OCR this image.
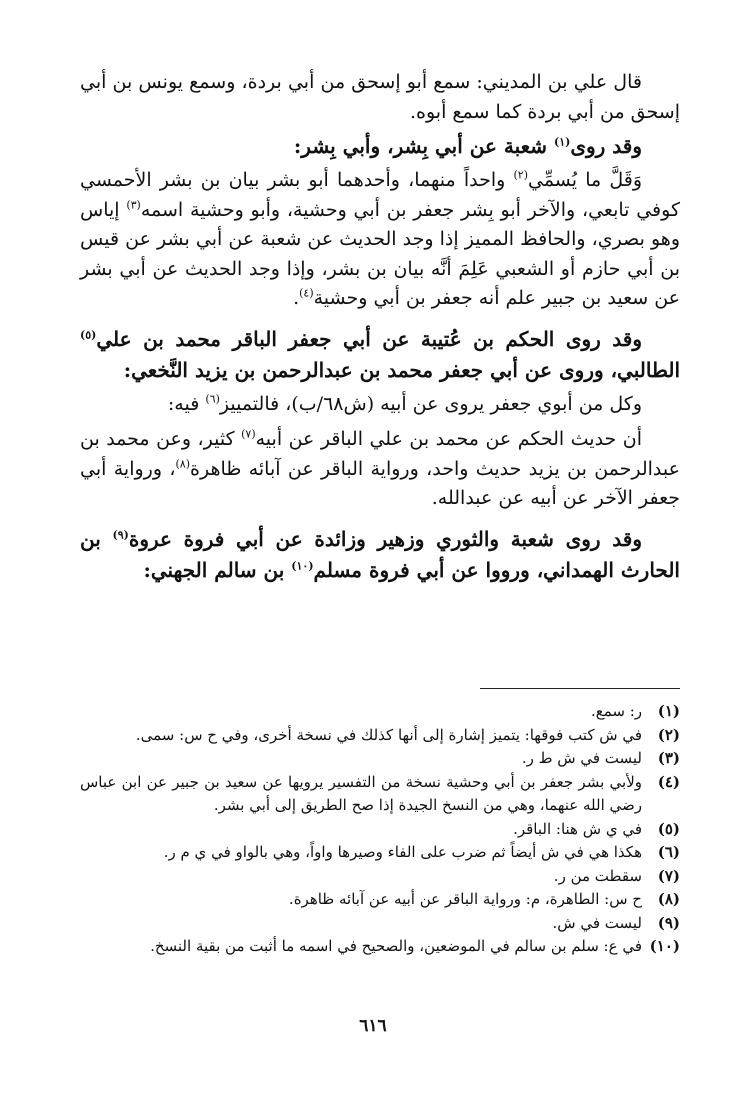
قال علي بن المديني: سمع أبو إسحق من أبي بردة، وسمع يونس بن أبي إسحق من أبي بردة كما سمع أبوه.

وقد روى$^{(١)}$ شعبة عن أبي بِشر، وأبي بِشر:

وَقَلَّ ما يُسمِّي$^{(٢)}$ واحداً منهما، وأحدهما أبو بشر بيان بن بشر الأحمسي كوفي تابعي، والآخر أبو بِشر جعفر بن أبي وحشية، وأبو وحشية اسمه$^{(٣)}$ إياس وهو بصري، والحافظ المميز إذا وجد الحديث عن شعبة عن أبي بشر عن قيس بن أبي حازم أو الشعبي عَلِمَ أنَّه بيان بن بشر، وإذا وجد الحديث عن أبي بشر عن سعيد بن جبير علم أنه جعفر بن أبي وحشية$^{(٤)}$.

وقد روى الحكم بن عُتيبة عن أبي جعفر الباقر محمد بن علي$^{(٥)}$ الطالبي، وروى عن أبي جعفر محمد بن عبدالرحمن بن يزيد النَّخعي:

وكل من أبوي جعفر يروى عن أبيه (ش٦٨/ب)، فالتمييز$^{(٦)}$ فيه:

أن حديث الحكم عن محمد بن علي الباقر عن أبيه$^{(٧)}$ كثير، وعن محمد بن عبدالرحمن بن يزيد حديث واحد، ورواية الباقر عن آبائه ظاهرة$^{(٨)}$، ورواية أبي جعفر الآخر عن أبيه عن عبدالله.

وقد روى شعبة والثوري وزهير وزائدة عن أبي فروة عروة$^{(٩)}$ بن الحارث الهمداني، ورووا عن أبي فروة مسلم$^{(١٠)}$ بن سالم الجهني:

(١)
ر: سمع.
(٢)
في ش كتب فوقها: يتميز إشارة إلى أنها كذلك في نسخة أخرى، وفي ح س: سمى.
(٣)
ليست في ش ط ر.
(٤)
ولأبي بشر جعفر بن أبي وحشية نسخة من التفسير يرويها عن سعيد بن جبير عن ابن عباس رضي الله عنهما، وهي من النسخ الجيدة إذا صح الطريق إلى أبي بشر.
(٥)
في ي ش هنا: الباقر.
(٦)
هكذا هي في ش أيضاً ثم ضرب على الفاء وصيرها واواً، وهي بالواو في ي م ر.
(٧)
سقطت من ر.
(٨)
ح س: الطاهرة، م: ورواية الباقر عن أبيه عن آبائه ظاهرة.
(٩)
ليست في ش.
(١٠)
في ع: سلم بن سالم في الموضعين، والصحيح في اسمه ما أثبت من بقية النسخ.
٦١٦
